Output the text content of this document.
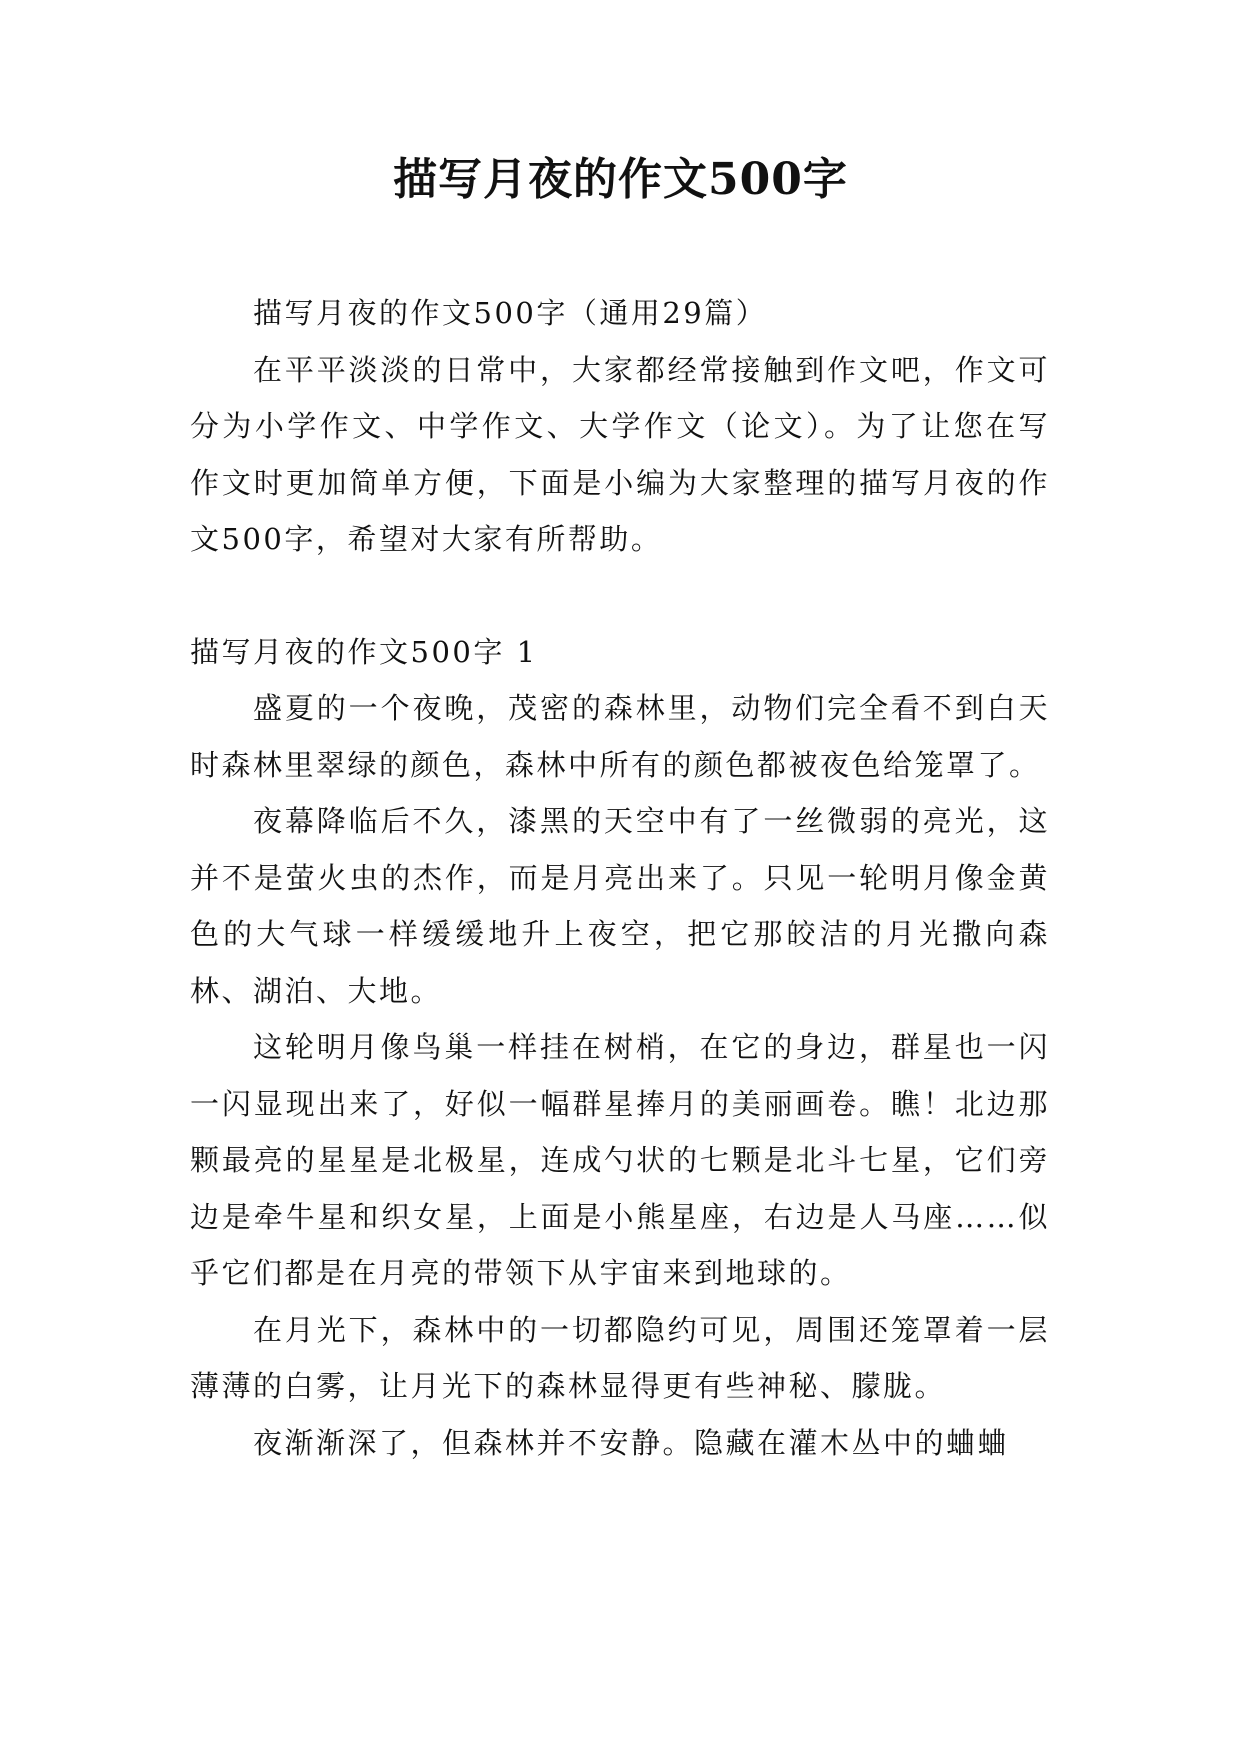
描写月夜的作文500字

描写月夜的作文500字（通用29篇）

在平平淡淡的日常中，大家都经常接触到作文吧，作文可分为小学作文、中学作文、大学作文（论文）。为了让您在写作文时更加简单方便，下面是小编为大家整理的描写月夜的作文500字，希望对大家有所帮助。

描写月夜的作文500字 1

盛夏的一个夜晚，茂密的森林里，动物们完全看不到白天时森林里翠绿的颜色，森林中所有的颜色都被夜色给笼罩了。

夜幕降临后不久，漆黑的天空中有了一丝微弱的亮光，这并不是萤火虫的杰作，而是月亮出来了。只见一轮明月像金黄色的大气球一样缓缓地升上夜空，把它那皎洁的月光撒向森林、湖泊、大地。

这轮明月像鸟巢一样挂在树梢，在它的身边，群星也一闪一闪显现出来了，好似一幅群星捧月的美丽画卷。瞧！北边那颗最亮的星星是北极星，连成勺状的七颗是北斗七星，它们旁边是牵牛星和织女星，上面是小熊星座，右边是人马座……似乎它们都是在月亮的带领下从宇宙来到地球的。

在月光下，森林中的一切都隐约可见，周围还笼罩着一层薄薄的白雾，让月光下的森林显得更有些神秘、朦胧。

夜渐渐深了，但森林并不安静。隐藏在灌木丛中的蛐蛐
